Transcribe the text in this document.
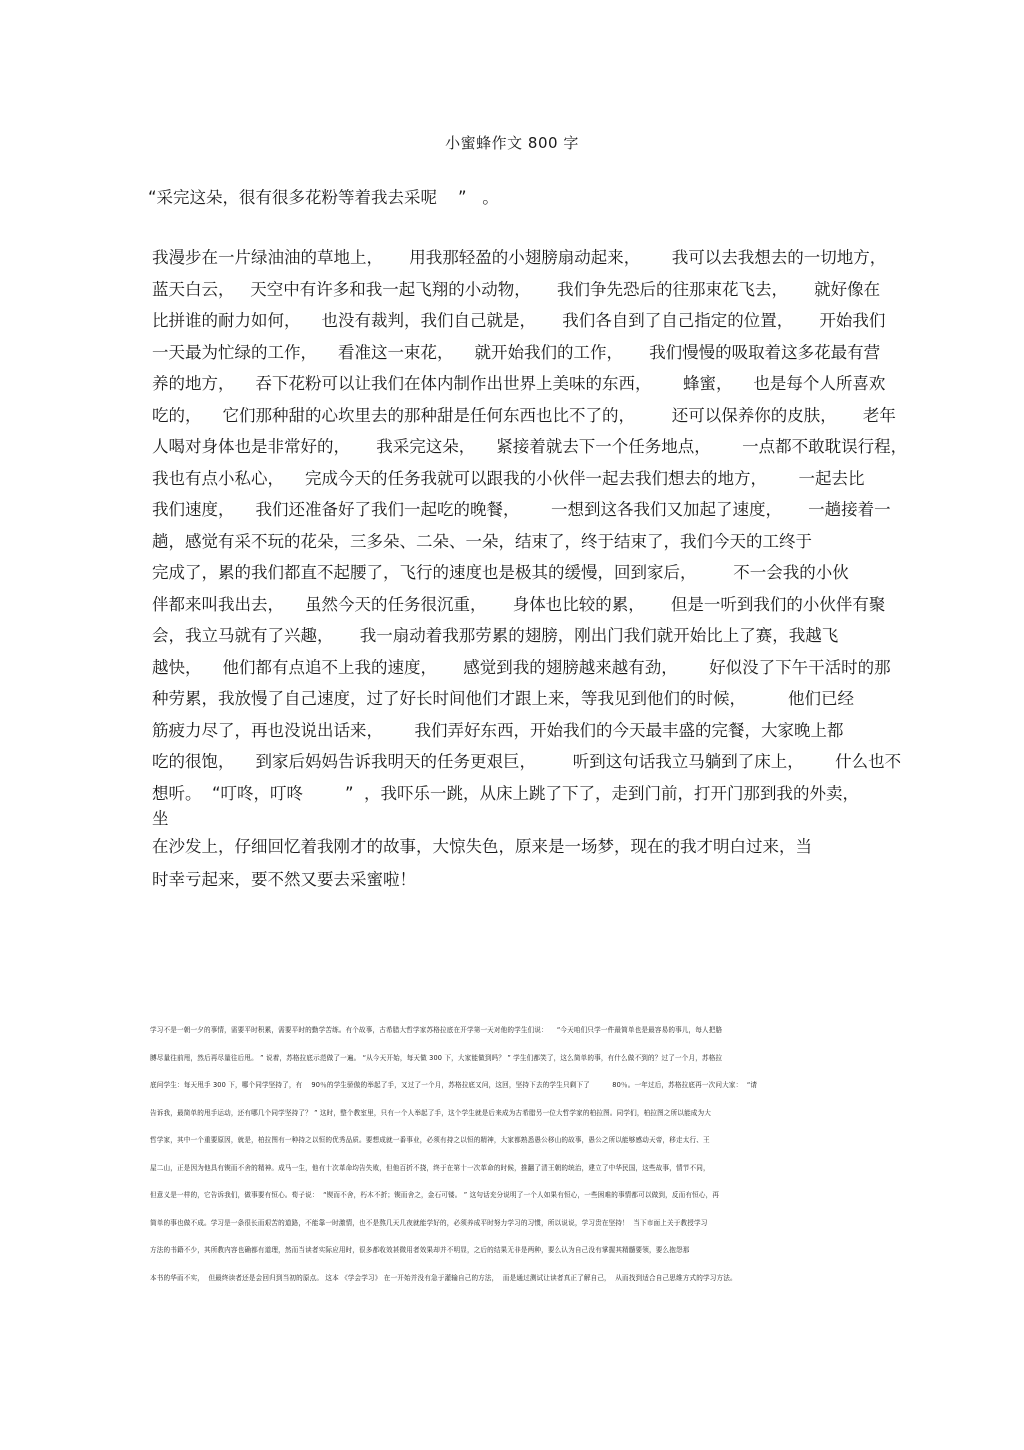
小蜜蜂作文 800 字
“采完这朵，很有很多花粉等着我去采呢    ”   。
我漫步在一片绿油油的草地上，     用我那轻盈的小翅膀扇动起来，      我可以去我想去的一切地方，
蓝天白云，   天空中有许多和我一起飞翔的小动物，     我们争先恐后的往那束花飞去，     就好像在
比拼谁的耐力如何，    也没有裁判，我们自己就是，     我们各自到了自己指定的位置，     开始我们
一天最为忙绿的工作，    看准这一束花，    就开始我们的工作，     我们慢慢的吸取着这多花最有营
养的地方，    吞下花粉可以让我们在体内制作出世界上美味的东西，      蜂蜜，    也是每个人所喜欢
吃的，    它们那种甜的心坎里去的那种甜是任何东西也比不了的，       还可以保养你的皮肤，     老年
人喝对身体也是非常好的，     我采完这朵，    紧接着就去下一个任务地点，      一点都不敢耽误行程，
我也有点小私心，    完成今天的任务我就可以跟我的小伙伴一起去我们想去的地方，      一起去比
我们速度，    我们还准备好了我们一起吃的晚餐，      一想到这各我们又加起了速度，     一趟接着一
趟，感觉有采不玩的花朵，三多朵、二朵、一朵，结束了，终于结束了，我们今天的工终于
完成了，累的我们都直不起腰了，飞行的速度也是极其的缓慢，回到家后，       不一会我的小伙
伴都来叫我出去，    虽然今天的任务很沉重，     身体也比较的累，     但是一听到我们的小伙伴有聚
会，我立马就有了兴趣，     我一扇动着我那劳累的翅膀，刚出门我们就开始比上了赛，我越飞
越快，    他们都有点追不上我的速度，     感觉到我的翅膀越来越有劲，      好似没了下午干活时的那
种劳累，我放慢了自己速度，过了好长时间他们才跟上来，等我见到他们的时候，        他们已经
筋疲力尽了，再也没说出话来，      我们弄好东西，开始我们的今天最丰盛的完餐，大家晚上都
吃的很饱，    到家后妈妈告诉我明天的任务更艰巨，       听到这句话我立马躺到了床上，      什么也不
想听。  “叮咚，叮咚        ”  ，我吓乐一跳，从床上跳了下了，走到门前，打开门那到我的外卖，
坐
在沙发上，仔细回忆着我刚才的故事，大惊失色，原来是一场梦，现在的我才明白过来，当
时幸亏起来，要不然又要去采蜜啦！
学习不是一朝一夕的事情，需要平时积累，需要平时的勤学苦练。有个故事，古希腊大哲学家苏格拉底在开学第一天对他的学生们说：    “今天咱们只学一件最简单也是最容易的事儿，每人把胳
膊尽量往前甩，然后再尽量往后甩。 ” 说着，苏格拉底示范做了一遍。 “从今天开始，每天做 300 下，大家能做到吗？ ” 学生们都笑了，这么简单的事，有什么做不到的？过了一个月，苏格拉
底问学生：每天甩手 300 下，哪个同学坚持了，有    90％的学生骄傲的举起了手，又过了一个月，苏格拉底又问，这回，坚持下去的学生只剩下了          80％。一年过后，苏格拉底再一次问大家：  “请
告诉我，最简单的甩手运动，还有哪几个同学坚持了？ ” 这时，整个教室里，只有一个人举起了手，这个学生就是后来成为古希腊另一位大哲学家的柏拉图。同学们，柏拉图之所以能成为大
哲学家，其中一个重要原因，就是，柏拉图有一种持之以恒的优秀品质。要想成就一番事业，必须有持之以恒的精神，大家都熟悉愚公移山的故事，愚公之所以能够感动天帝，移走太行、王
屋二山，正是因为他具有锲而不舍的精神。成马一生，他有十次革命均告失败，但他百折不挠，终于在第十一次革命的时候，推翻了清王朝的统治，建立了中华民国，这些故事，情节不同，
但意义是一样的，它告诉我们，做事要有恒心。荀子说：  “锲而不舍，朽木不折；锲而舍之，金石可镂。 ” 这句话充分说明了一个人如果有恒心，一些困难的事情都可以做到，反而有恒心，再
简单的事也做不成。学习是一条很长而艰苦的道路，不能靠一时激情，也不是熬几天几夜就能学好的，必须养成平时努力学习的习惯，所以说说，学习贵在坚持！  当下市面上关于教授学习
方法的书籍不少，其所教内容也确都有道理，然而当读者实际应用时，很多都收效甚微用者效果却并不明显，之后的结果无非是两种，要么认为自己没有掌握其精髓要领，要么抱怨那
本书的华而不实，  但最终读者还是会回归到当初的原点。 这本 《学会学习》 在一开始并没有急于灌输自己的方法，  而是通过测试让读者真正了解自己，  从而找到适合自己思维方式的学习方法。
